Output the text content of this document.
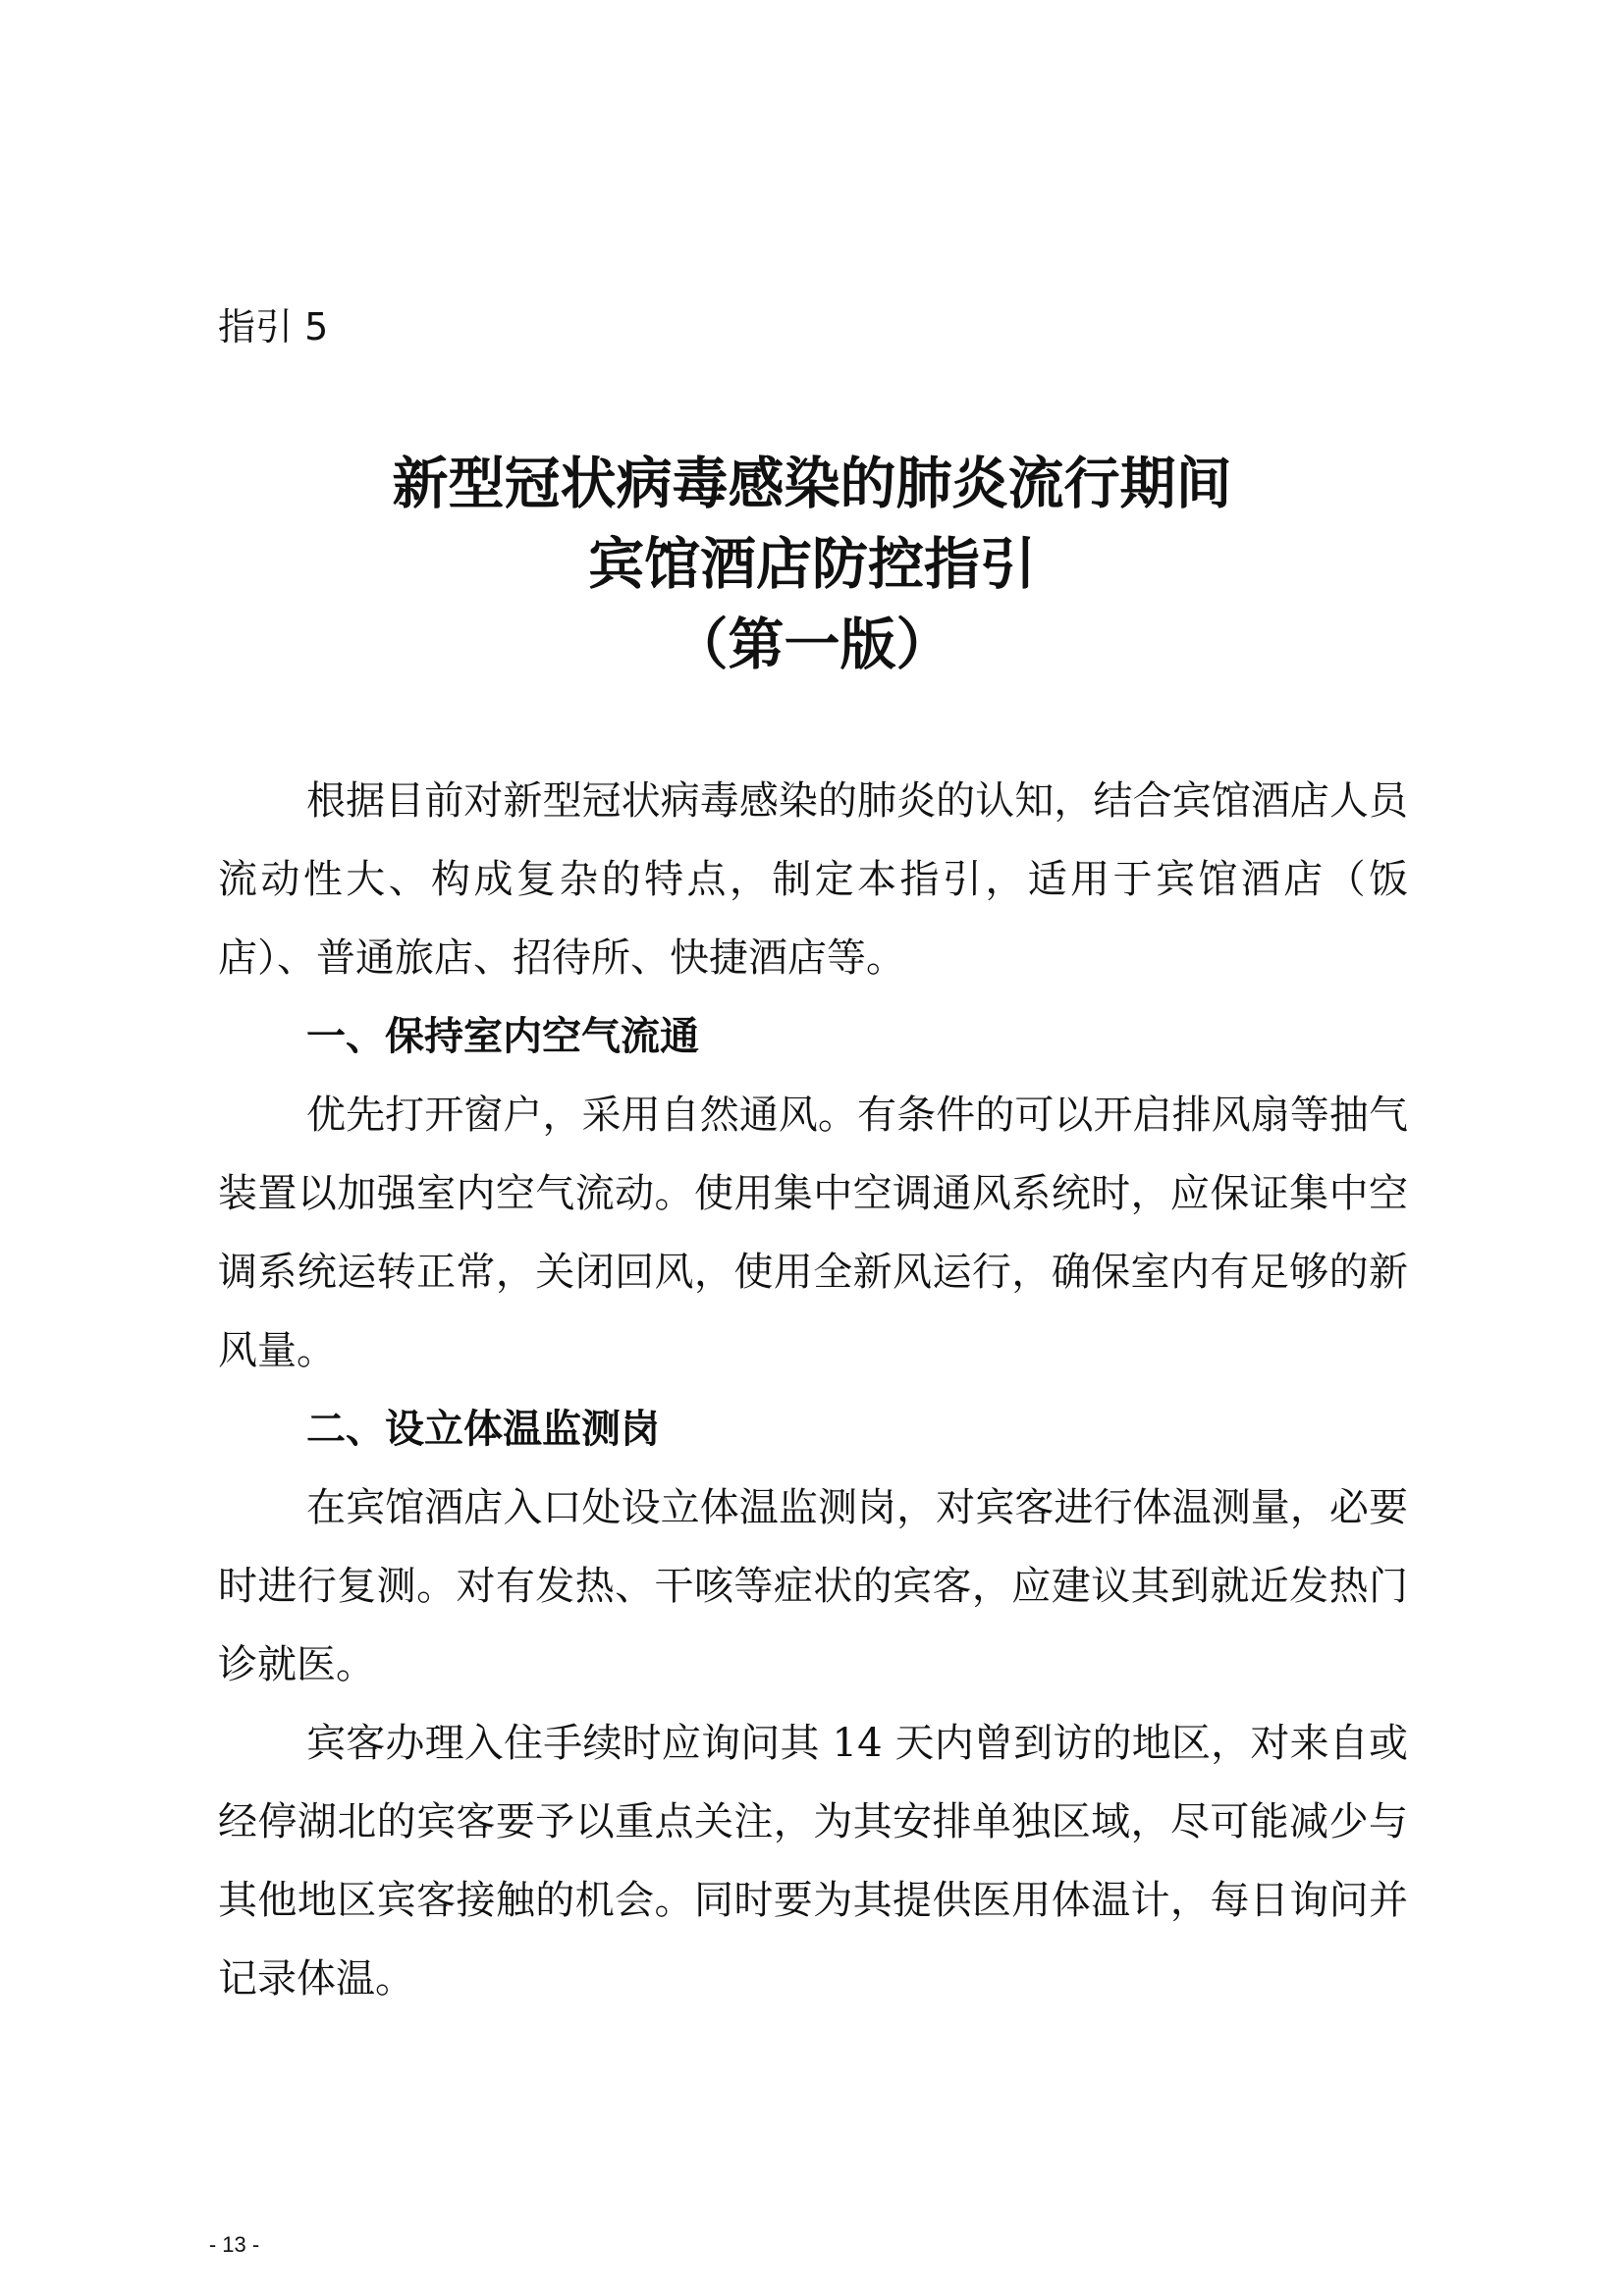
指引 5
新型冠状病毒感染的肺炎流行期间
宾馆酒店防控指引
（第一版）

根据目前对新型冠状病毒感染的肺炎的认知，结合宾馆酒店人员流动性大、构成复杂的特点，制定本指引，适用于宾馆酒店（饭店）、普通旅店、招待所、快捷酒店等。

一、保持室内空气流通

优先打开窗户，采用自然通风。有条件的可以开启排风扇等抽气装置以加强室内空气流动。使用集中空调通风系统时，应保证集中空调系统运转正常，关闭回风，使用全新风运行，确保室内有足够的新风量。

二、设立体温监测岗

在宾馆酒店入口处设立体温监测岗，对宾客进行体温测量，必要时进行复测。对有发热、干咳等症状的宾客，应建议其到就近发热门诊就医。

宾客办理入住手续时应询问其 14 天内曾到访的地区，对来自或经停湖北的宾客要予以重点关注，为其安排单独区域，尽可能减少与其他地区宾客接触的机会。同时要为其提供医用体温计，每日询问并记录体温。

- 13 -
